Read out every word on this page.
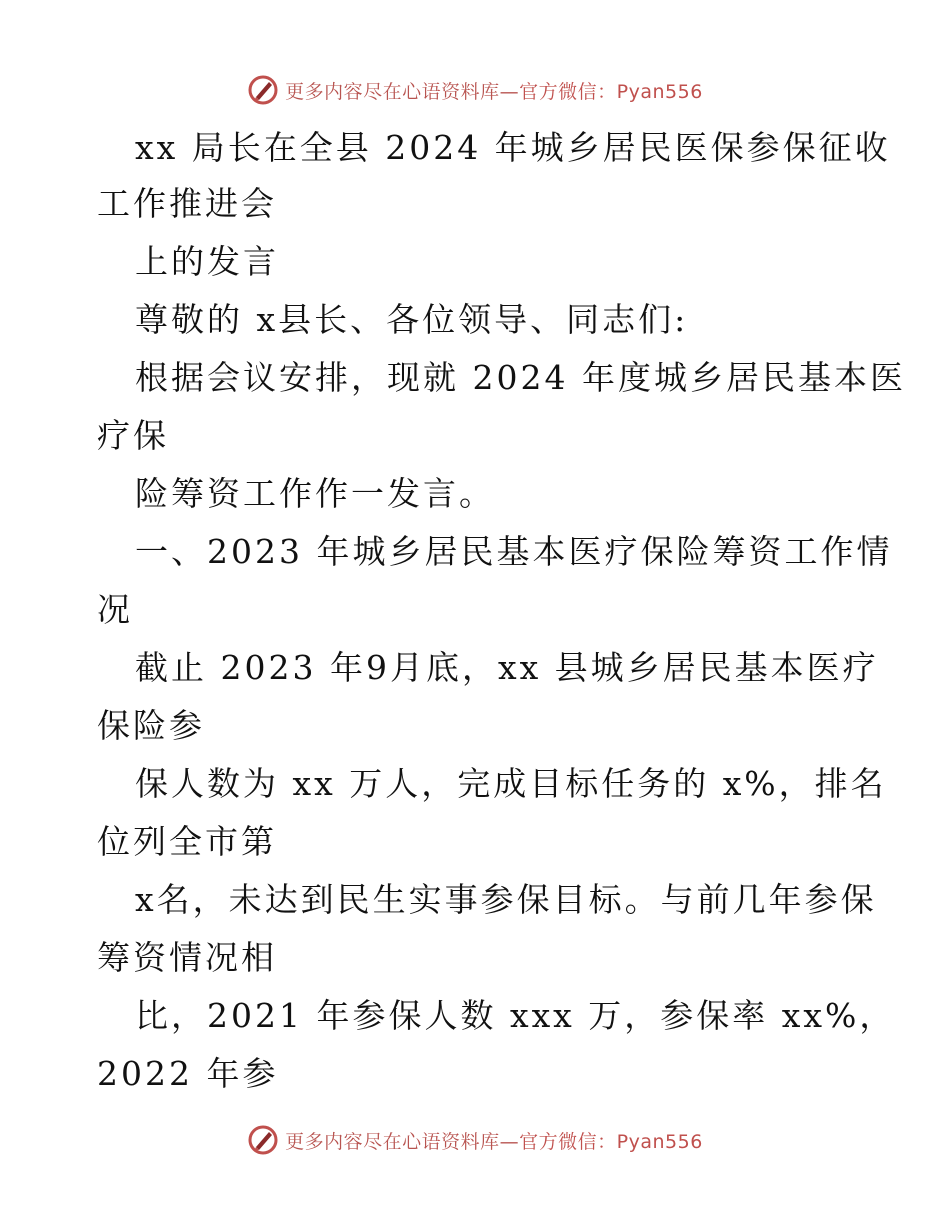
更多内容尽在心语资料库—官方微信：Pyan556
xx 局长在全县 2024 年城乡居民医保参保征收
工作推进会
上的发言
尊敬的 x县长、各位领导、同志们:
根据会议安排，现就 2024 年度城乡居民基本医
疗保
险筹资工作作一发言。
一、2023 年城乡居民基本医疗保险筹资工作情
况
截止 2023 年9月底，xx 县城乡居民基本医疗
保险参
保人数为 xx 万人，完成目标任务的 x%，排名
位列全市第
x名，未达到民生实事参保目标。与前几年参保
筹资情况相
比，2021 年参保人数 xxx 万，参保率 xx%，
2022 年参
更多内容尽在心语资料库—官方微信：Pyan556
